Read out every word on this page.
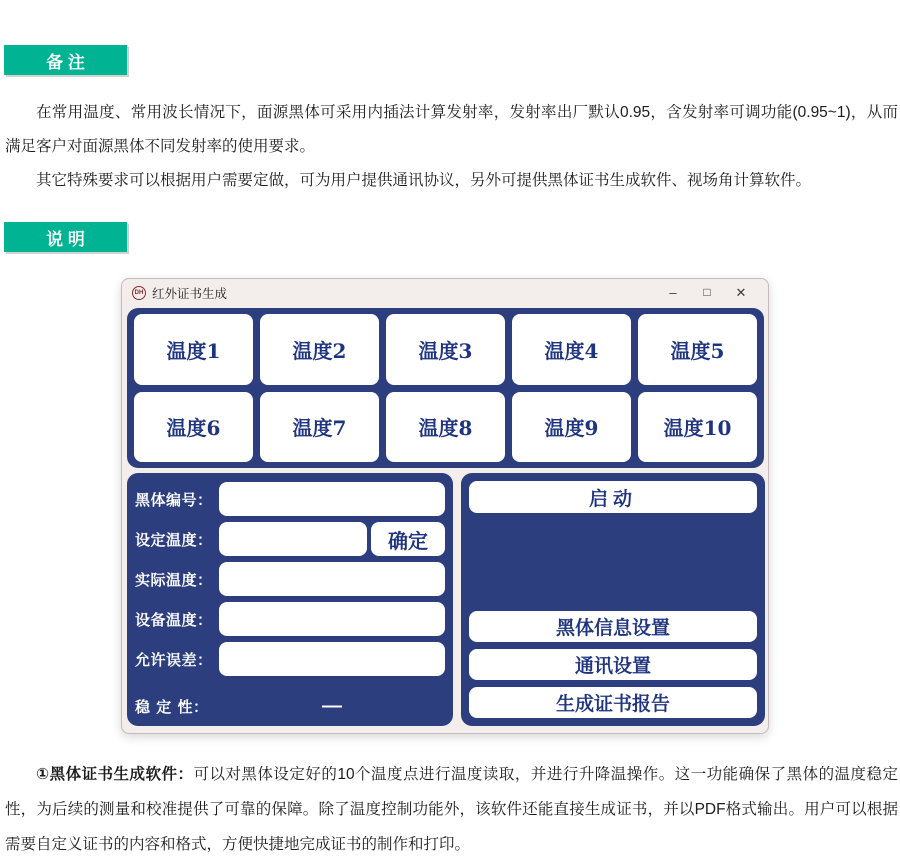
备 注

在常用温度、常用波长情况下，面源黑体可采用内插法计算发射率，发射率出厂默认0.95，含发射率可调功能(0.95~1)，从而满足客户对面源黑体不同发射率的使用要求。

其它特殊要求可以根据用户需要定做，可为用户提供通讯协议，另外可提供黑体证书生成软件、视场角计算软件。

说 明
DH 红外证书生成	–	□	✕
温度1	温度2	温度3	温度4	温度5
温度6	温度7	温度8	温度9	温度10
黑体编号：
设定温度：	确定
实际温度：
设备温度：
允许误差：
稳 定 性：	—
启动
黑体信息设置
通讯设置
生成证书报告

①黑体证书生成软件：可以对黑体设定好的10个温度点进行温度读取，并进行升降温操作。这一功能确保了黑体的温度稳定性，为后续的测量和校准提供了可靠的保障。除了温度控制功能外，该软件还能直接生成证书，并以PDF格式输出。用户可以根据需要自定义证书的内容和格式，方便快捷地完成证书的制作和打印。
